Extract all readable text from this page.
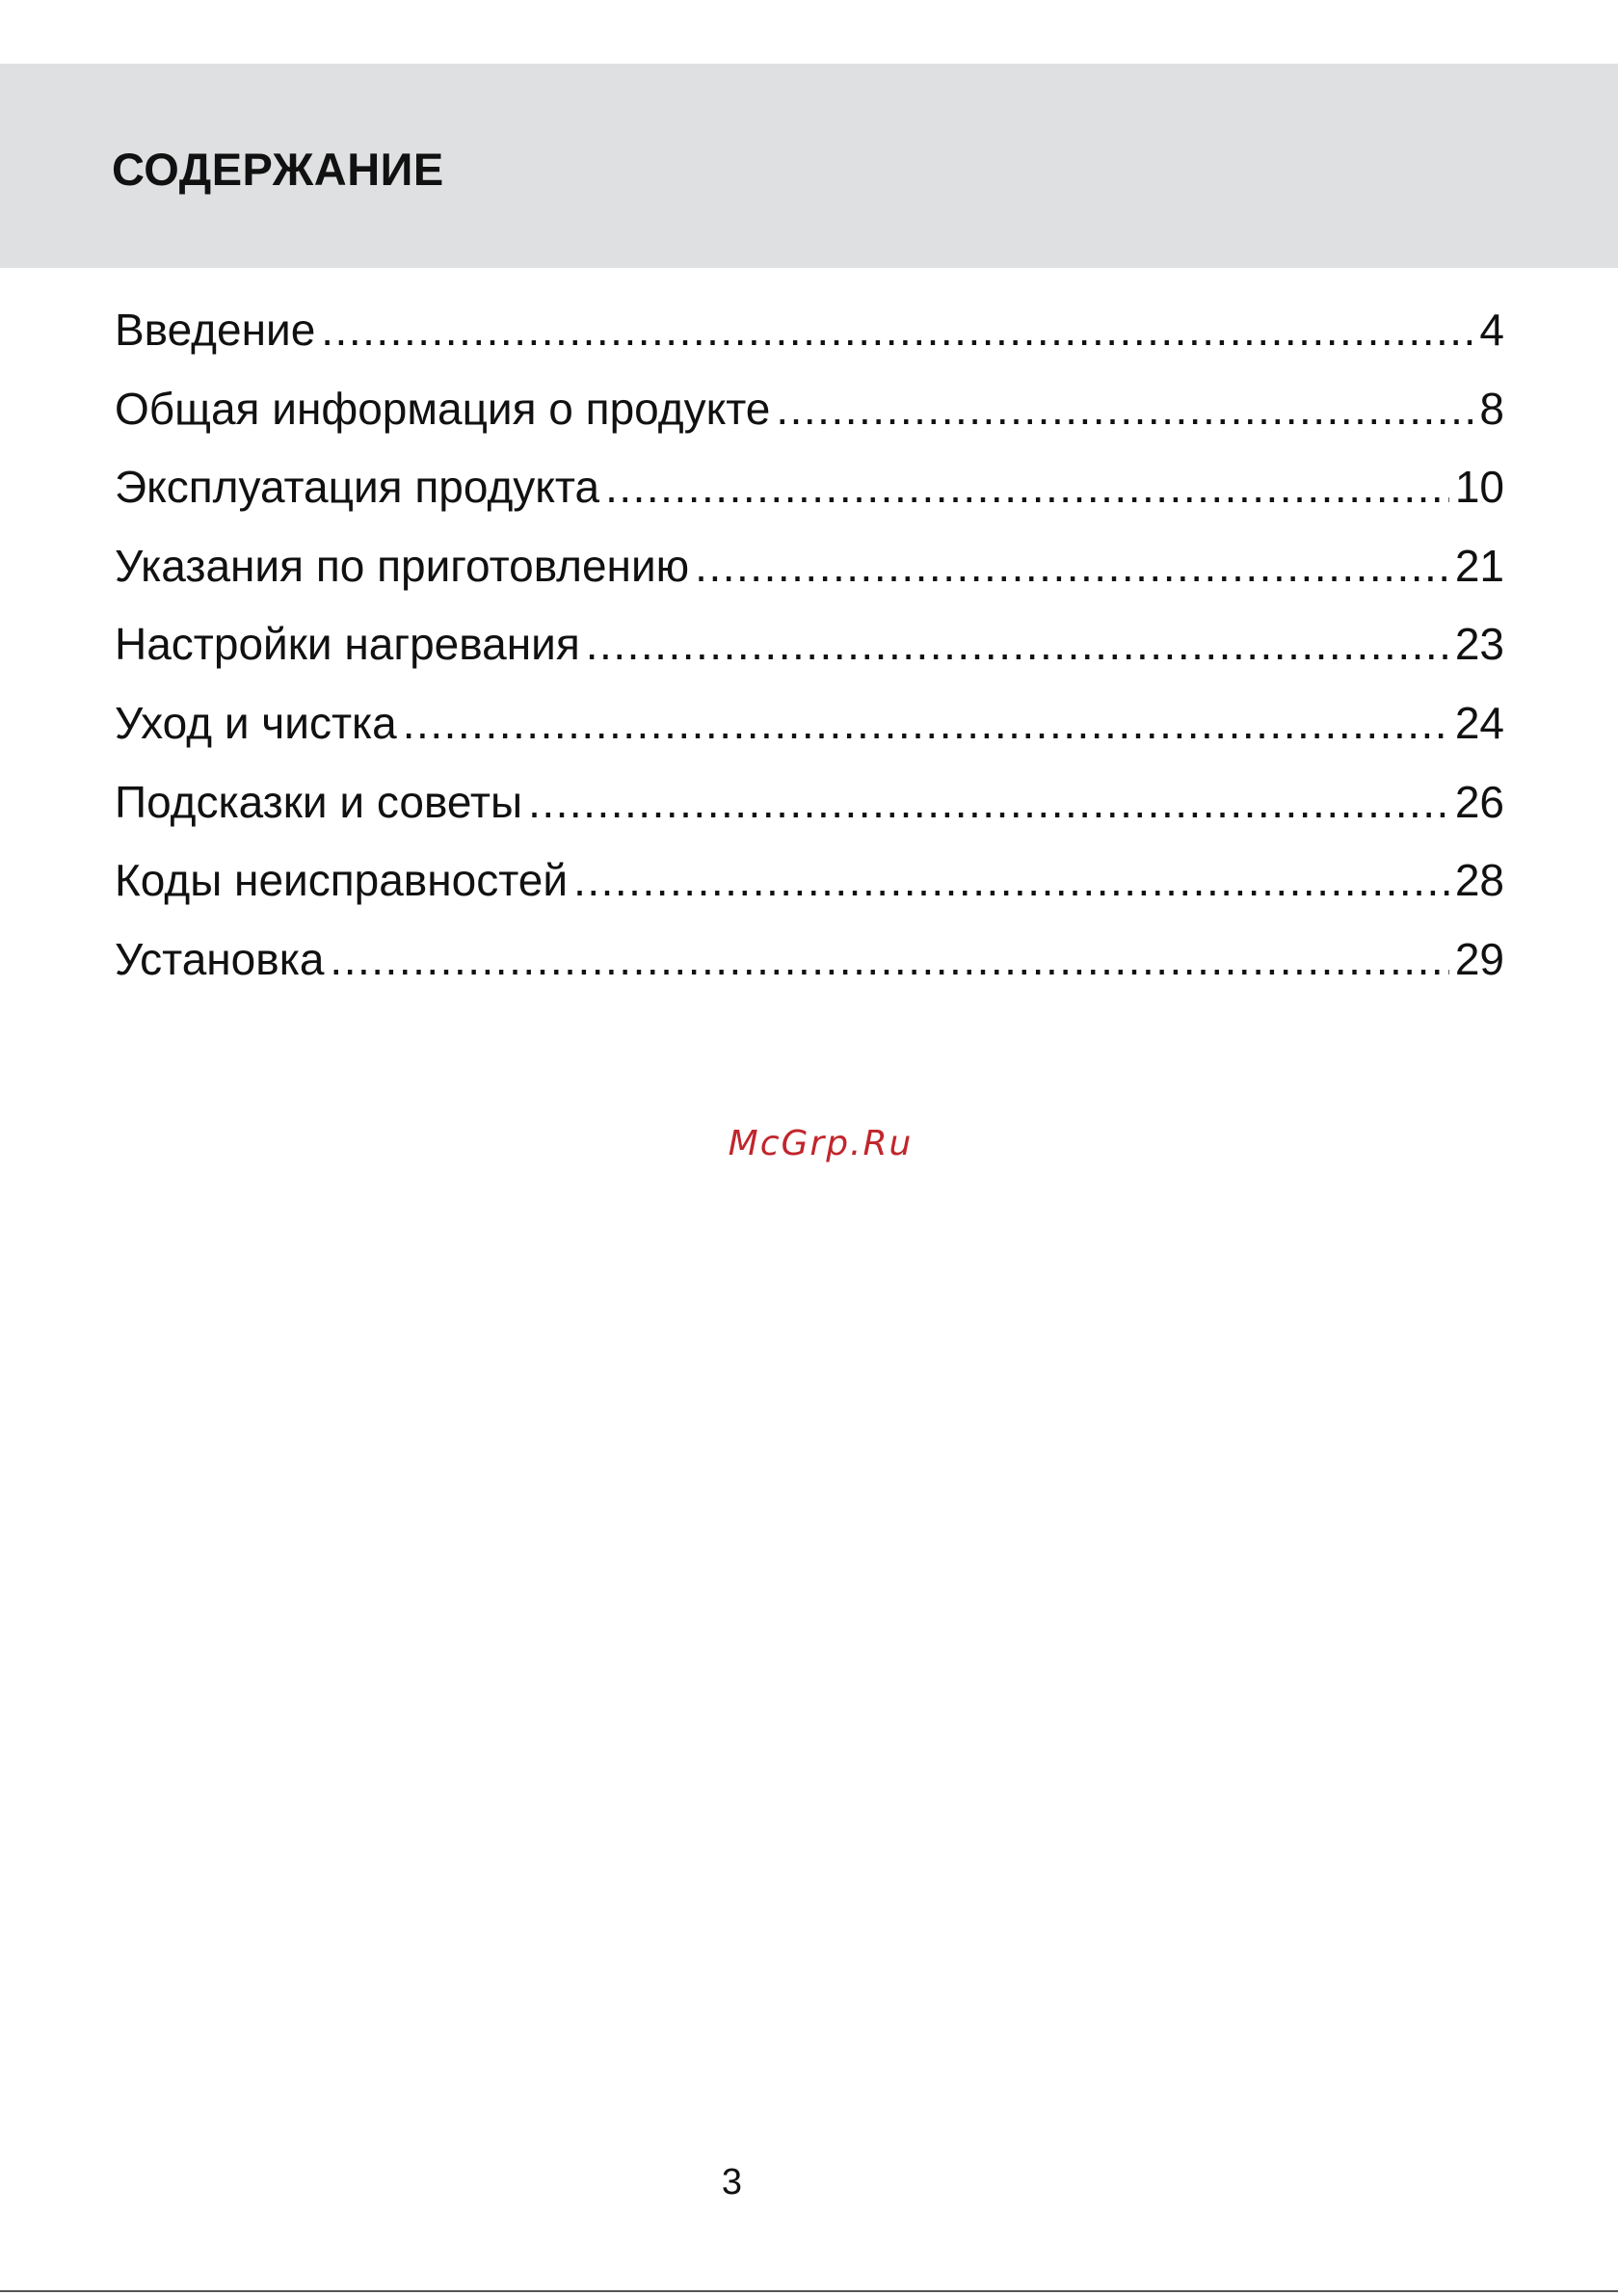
СОДЕРЖАНИЕ
Введение .....	4
Общая информация о продукте .....	8
Эксплуатация продукта .....	10
Указания по приготовлению .....	21
Настройки нагревания .....	23
Уход и чистка .....	24
Подсказки и советы .....	26
Коды неисправностей .....	28
Установка .....	29
McGrp.Ru
3
